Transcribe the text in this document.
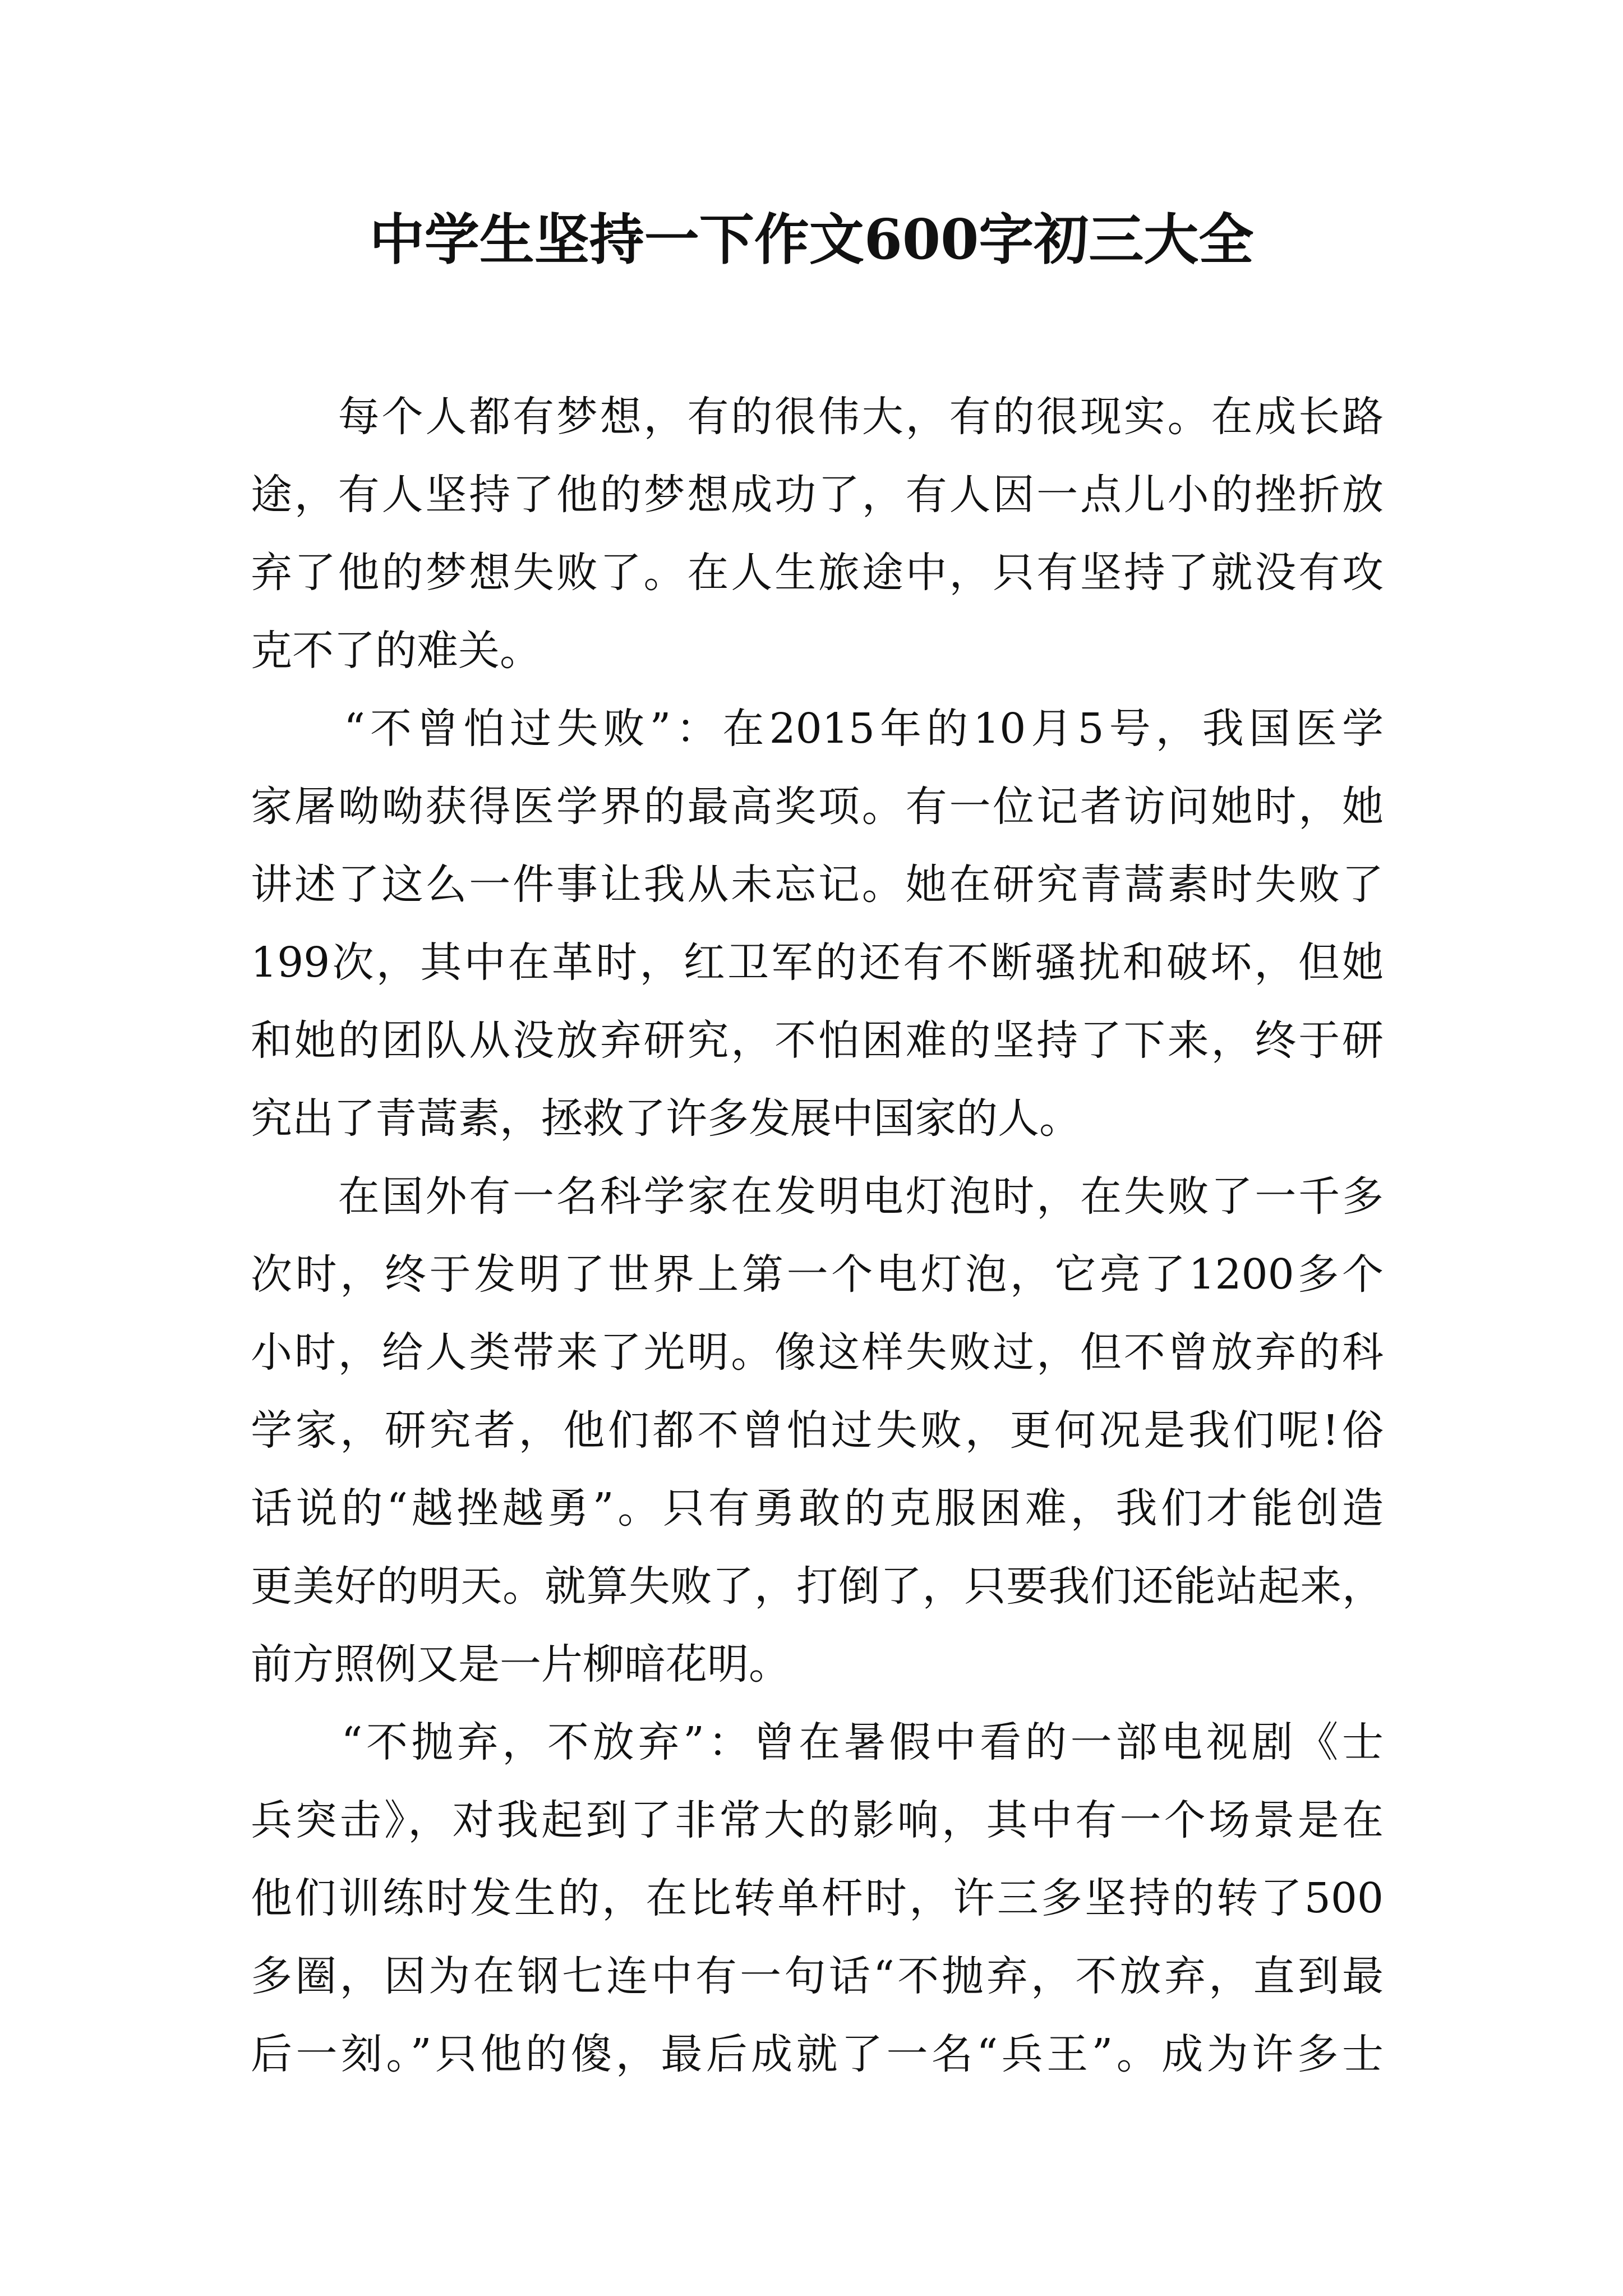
中学生坚持一下作文600字初三大全
　　每个人都有梦想，有的很伟大，有的很现实。在成长路
途，有人坚持了他的梦想成功了，有人因一点儿小的挫折放
弃了他的梦想失败了。在人生旅途中，只有坚持了就没有攻
克不了的难关。
　　“不曾怕过失败”：在2015年的10月5号，我国医学
家屠呦呦获得医学界的最高奖项。有一位记者访问她时，她
讲述了这么一件事让我从未忘记。她在研究青蒿素时失败了
199次，其中在革时，红卫军的还有不断骚扰和破坏，但她
和她的团队从没放弃研究，不怕困难的坚持了下来，终于研
究出了青蒿素，拯救了许多发展中国家的人。
　　在国外有一名科学家在发明电灯泡时，在失败了一千多
次时，终于发明了世界上第一个电灯泡，它亮了1200多个
小时，给人类带来了光明。像这样失败过，但不曾放弃的科
学家，研究者，他们都不曾怕过失败，更何况是我们呢!俗
话说的“越挫越勇”。只有勇敢的克服困难，我们才能创造
更美好的明天。就算失败了，打倒了，只要我们还能站起来，
前方照例又是一片柳暗花明。
　　“不抛弃，不放弃”：曾在暑假中看的一部电视剧《士
兵突击》，对我起到了非常大的影响，其中有一个场景是在
他们训练时发生的，在比转单杆时，许三多坚持的转了500
多圈，因为在钢七连中有一句话“不抛弃，不放弃，直到最
后一刻。”只他的傻，最后成就了一名“兵王”。成为许多士
